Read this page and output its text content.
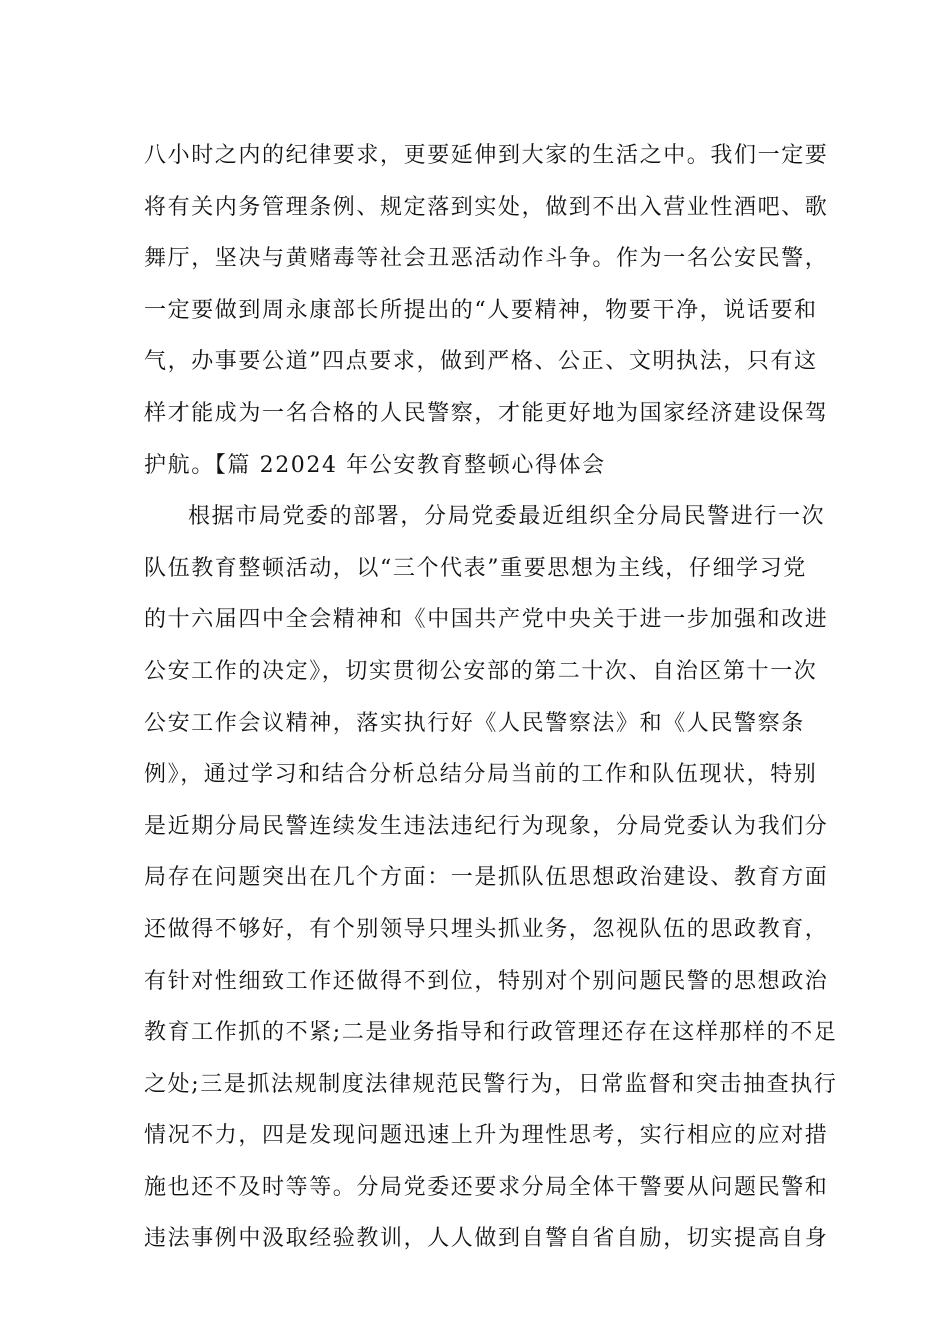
八小时之内的纪律要求，更要延伸到大家的生活之中。我们一定要
将有关内务管理条例、规定落到实处，做到不出入营业性酒吧、歌
舞厅，坚决与黄赌毒等社会丑恶活动作斗争。作为一名公安民警，
一定要做到周永康部长所提出的“人要精神，物要干净，说话要和
气，办事要公道”四点要求，做到严格、公正、文明执法，只有这
样才能成为一名合格的人民警察，才能更好地为国家经济建设保驾
护航。【篇 22024 年公安教育整顿心得体会
根据市局党委的部署，分局党委最近组织全分局民警进行一次
队伍教育整顿活动，以“三个代表”重要思想为主线，仔细学习党
的十六届四中全会精神和《中国共产党中央关于进一步加强和改进
公安工作的决定》，切实贯彻公安部的第二十次、自治区第十一次
公安工作会议精神，落实执行好《人民警察法》和《人民警察条
例》，通过学习和结合分析总结分局当前的工作和队伍现状，特别
是近期分局民警连续发生违法违纪行为现象，分局党委认为我们分
局存在问题突出在几个方面：一是抓队伍思想政治建设、教育方面
还做得不够好，有个别领导只埋头抓业务，忽视队伍的思政教育，
有针对性细致工作还做得不到位，特别对个别问题民警的思想政治
教育工作抓的不紧;二是业务指导和行政管理还存在这样那样的不足
之处;三是抓法规制度法律规范民警行为，日常监督和突击抽查执行
情况不力，四是发现问题迅速上升为理性思考，实行相应的应对措
施也还不及时等等。分局党委还要求分局全体干警要从问题民警和
违法事例中汲取经验教训，人人做到自警自省自励，切实提高自身
